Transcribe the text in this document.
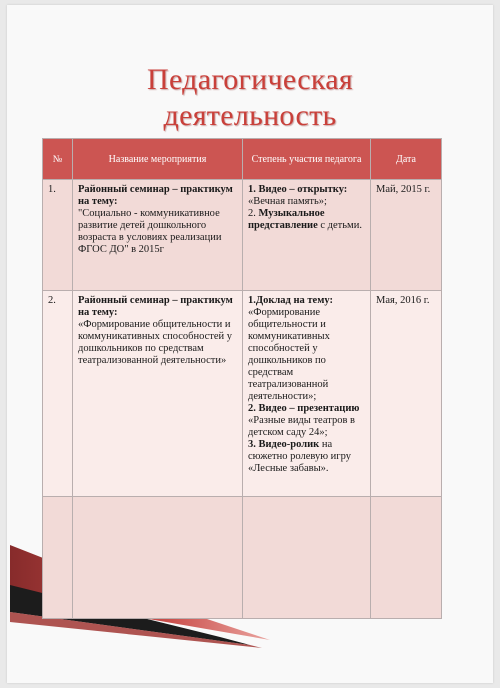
Педагогическая
деятельность
№	Название мероприятия	Степень участия педагога	Дата
1.	Районный семинар – практикум на тему:
"Социально - коммуникативное развитие детей дошкольного возраста в условиях реализации ФГОС ДО" в 2015г	1. Видео – открытку:
«Вечная память»;
2. Музыкальное представление с детьми.	Май, 2015 г.
2.	Районный семинар – практикум на тему:
«Формирование общительности и коммуникативных способностей у дошкольников по средствам театрализованной деятельности»	1.Доклад на тему:
«Формирование общительности и коммуникативных способностей у дошкольников по средствам театрализованной деятельности»;
2. Видео – презентацию
«Разные виды театров в детском саду 24»;
3. Видео-ролик на сюжетно ролевую игру «Лесные забавы».	Мая, 2016 г.
